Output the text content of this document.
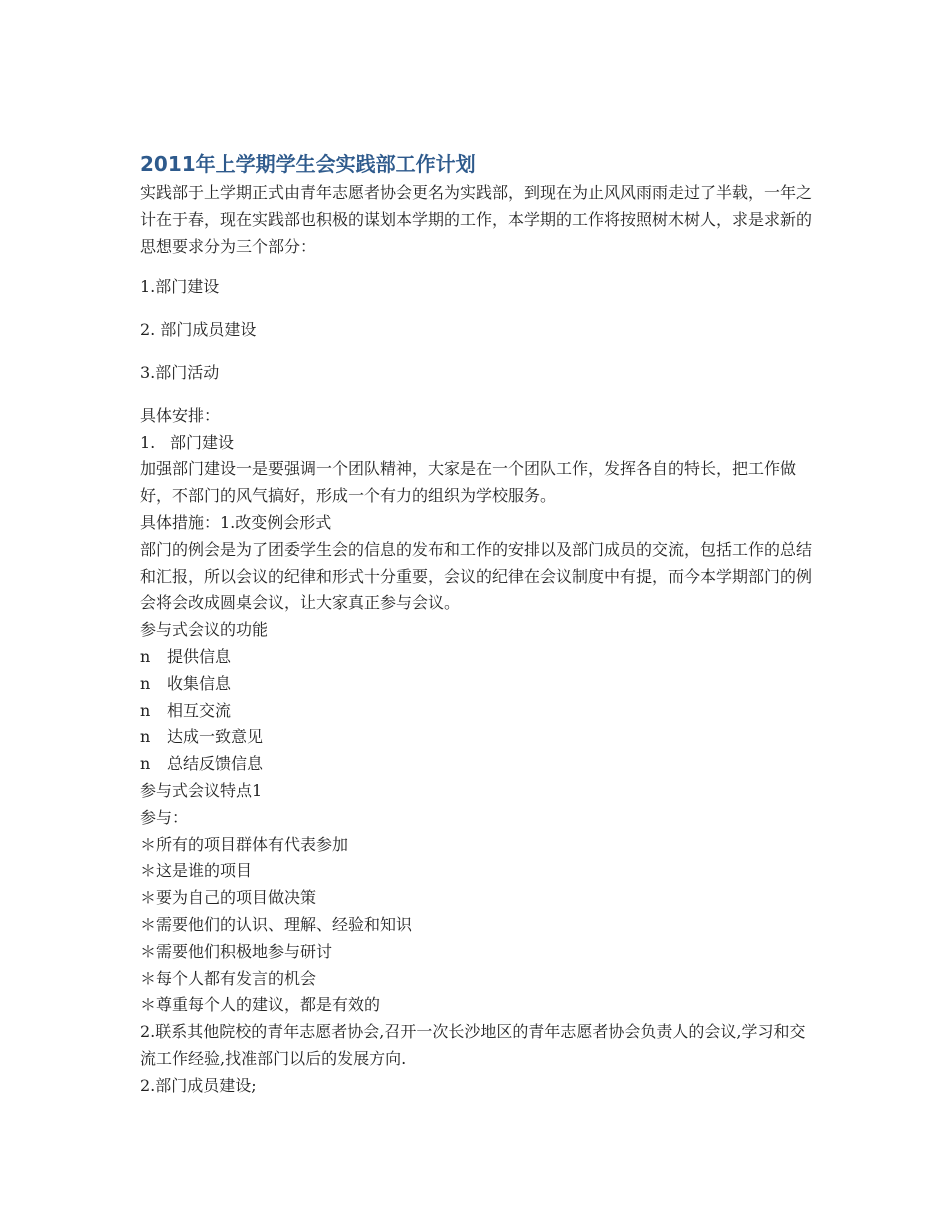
2011年上学期学生会实践部工作计划

实践部于上学期正式由青年志愿者协会更名为实践部，到现在为止风风雨雨走过了半载，一年之计在于春，现在实践部也积极的谋划本学期的工作，本学期的工作将按照树木树人，求是求新的思想要求分为三个部分：

1.部门建设

2. 部门成员建设

3.部门活动

具体安排：

1. 部门建设

加强部门建设一是要强调一个团队精神，大家是在一个团队工作，发挥各自的特长，把工作做好，不部门的风气搞好，形成一个有力的组织为学校服务。

具体措施：1.改变例会形式

部门的例会是为了团委学生会的信息的发布和工作的安排以及部门成员的交流，包括工作的总结和汇报，所以会议的纪律和形式十分重要，会议的纪律在会议制度中有提，而今本学期部门的例会将会改成圆桌会议，让大家真正参与会议。

参与式会议的功能

n 提供信息

n 收集信息

n 相互交流

n 达成一致意见

n 总结反馈信息

参与式会议特点1

参与：

＊所有的项目群体有代表参加

＊这是谁的项目

＊要为自己的项目做决策

＊需要他们的认识、理解、经验和知识

＊需要他们积极地参与研讨

＊每个人都有发言的机会

＊尊重每个人的建议，都是有效的

2.联系其他院校的青年志愿者协会,召开一次长沙地区的青年志愿者协会负责人的会议,学习和交流工作经验,找准部门以后的发展方向.

2.部门成员建设;
